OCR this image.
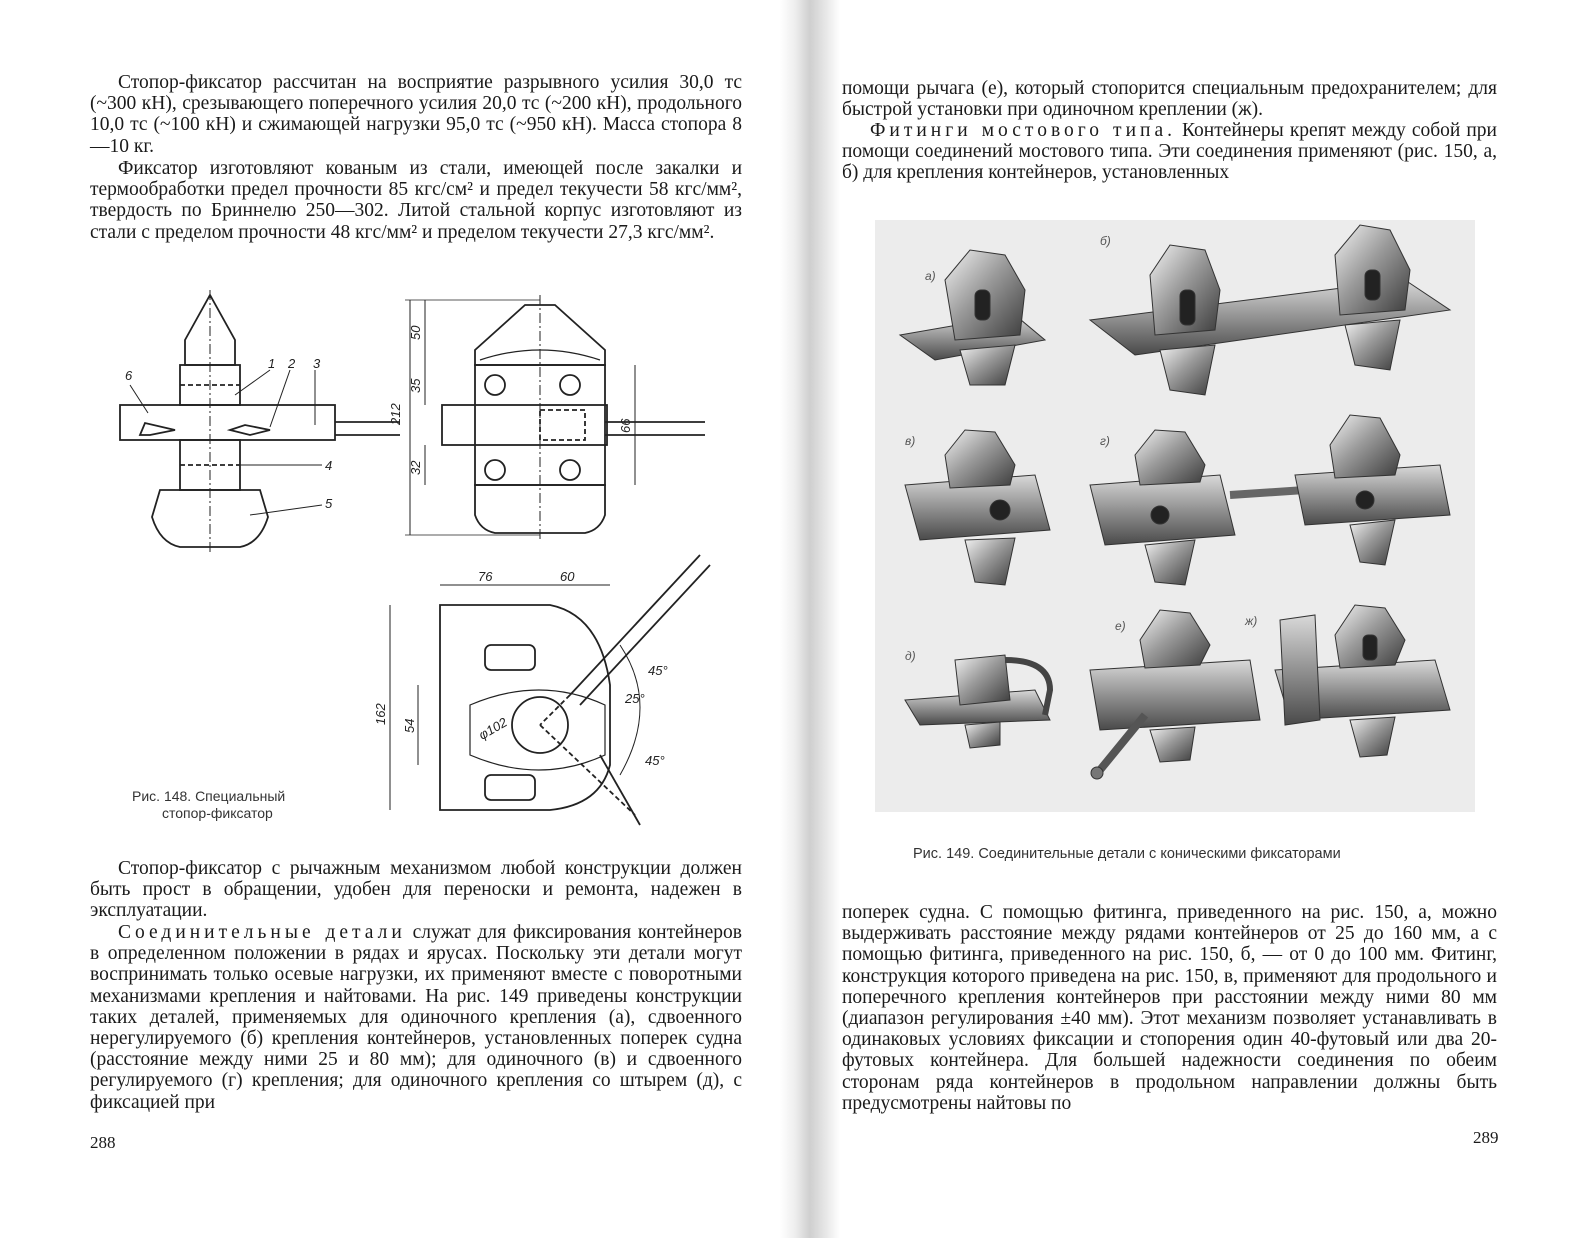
Стопор-фиксатор рассчитан на восприятие разрывного усилия 30,0 тс (~300 кН), срезывающего поперечного усилия 20,0 тс (~200 кН), продольного 10,0 тс (~100 кН) и сжимающей нагрузки 95,0 тс (~950 кН). Масса стопора 8—10 кг.

Фиксатор изготовляют кованым из стали, имеющей после закалки и термообработки предел прочности 85 кгс/см² и предел текучести 58 кгс/мм², твердость по Бриннелю 250—302. Литой стальной корпус изготовляют из стали с пределом прочности 48 кгс/мм² и пределом текучести 27,3 кгс/мм².

6
1 2 3
4
5
212
50
35
66
32
76	60
162
54	φ102
45°
25°
45°

Рис. 148. Специальный

стопор-фиксатор

Стопор-фиксатор с рычажным механизмом любой конструкции должен быть прост в обращении, удобен для переноски и ремонта, надежен в эксплуатации.

Соединительные детали служат для фиксирования контейнеров в определенном положении в рядах и ярусах. Поскольку эти детали могут воспринимать только осевые нагрузки, их применяют вместе с поворотными механизмами крепления и найтовами. На рис. 149 приведены конструкции таких деталей, применяемых для одиночного крепления (а), сдвоенного нерегулируемого (б) крепления контейнеров, установленных поперек судна (расстояние между ними 25 и 80 мм); для одиночного (в) и сдвоенного регулируемого (г) крепления; для одиночного крепления со штырем (д), с фиксацией при

288

помощи рычага (е), который стопорится специальным предохранителем; для быстрой установки при одиночном креплении (ж).

Фитинги мостового типа. Контейнеры крепят между собой при помощи соединений мостового типа. Эти соединения применяют (рис. 150, а, б) для крепления контейнеров, установленных

а)
б)
в)	г)
д)
е)	ж)

Рис. 149. Соединительные детали с коническими фиксаторами

поперек судна. С помощью фитинга, приведенного на рис. 150, а, можно выдерживать расстояние между рядами контейнеров от 25 до 160 мм, а с помощью фитинга, приведенного на рис. 150, б, — от 0 до 100 мм. Фитинг, конструкция которого приведена на рис. 150, в, применяют для продольного и поперечного крепления контейнеров при расстоянии между ними 80 мм (диапазон регулирования ±40 мм). Этот механизм позволяет устанавливать в одинаковых условиях фиксации и стопорения один 40-футовый или два 20-футовых контейнера. Для большей надежности соединения по обеим сторонам ряда контейнеров в продольном направлении должны быть предусмотрены найтовы по

289
